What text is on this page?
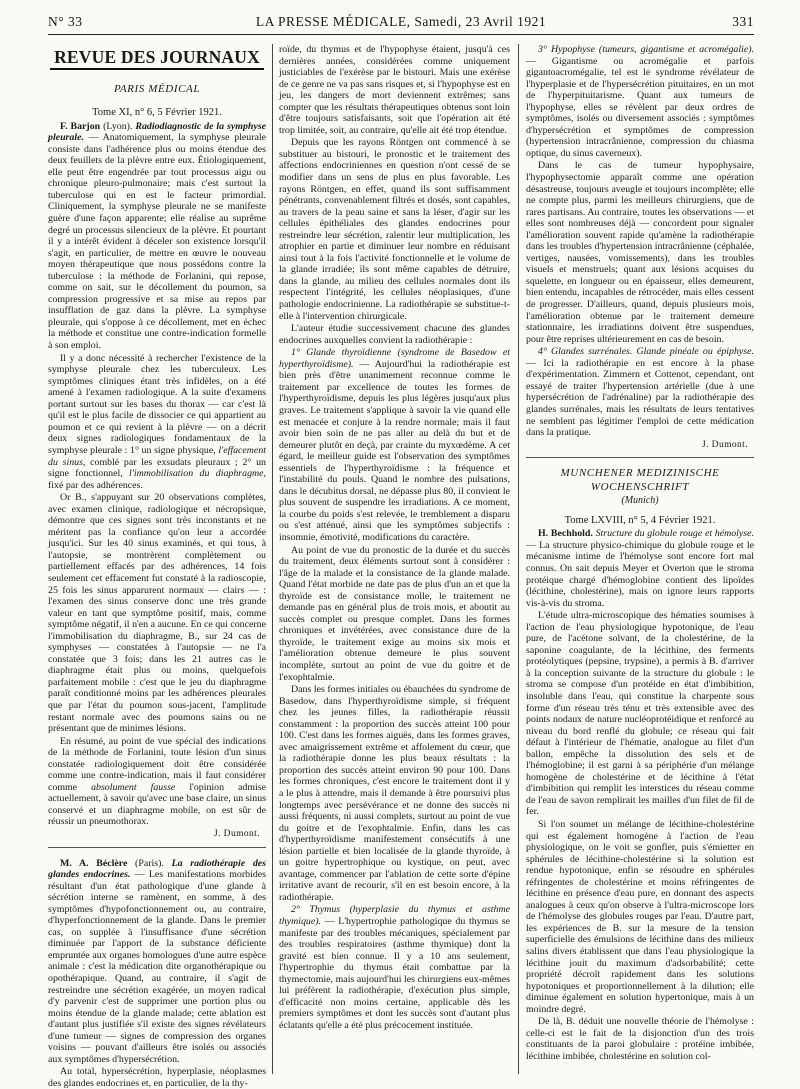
N° 33	LA PRESSE MÉDICALE, Samedi, 23 Avril 1921	331
REVUE DES JOURNAUX
PARIS MÉDICAL
Tome XI, n° 6, 5 Février 1921.

F. Barjon (Lyon). Radiodiagnostic de la symphyse pleurale. — Anatomiquement, la symphyse pleurale consiste dans l'adhérence plus ou moins étendue des deux feuillets de la plèvre entre eux. Étiologiquement, elle peut être engendrée par tout processus aigu ou chronique pleuro-pulmonaire; mais c'est surtout la tuberculose qui en est le facteur primordial. Cliniquement, la symphyse pleurale ne se manifeste guère d'une façon apparente; elle réalise au suprême degré un processus silencieux de la plèvre. Et pourtant il y a intérêt évident à déceler son existence lorsqu'il s'agit, en particulier, de mettre en œuvre le nouveau moyen thérapeutique que nous possédons contre la tuberculose : la méthode de Forlanini, qui repose, comme on sait, sur le décollement du poumon, sa compression progressive et sa mise au repos par insufflation de gaz dans la plèvre. La symphyse pleurale, qui s'oppose à ce décollement, met en échec la méthode et constitue une contre-indication formelle à son emploi.

Il y a donc nécessité à rechercher l'existence de la symphyse pleurale chez les tuberculeux. Les symptômes cliniques étant très infidèles, on a été amené à l'examen radiologique. A la suite d'examens portant surtout sur les bases du thorax — car c'est là qu'il est le plus facile de dissocier ce qui appartient au poumon et ce qui revient à la plèvre — on a décrit deux signes radiologiques fondamentaux de la symphyse pleurale : 1° un signe physique, l'effacement du sinus, comblé par les exsudats pleuraux ; 2° un signe fonctionnel, l'immobilisation du diaphragme, fixé par des adhérences.

Or B., s'appuyant sur 20 observations complètes, avec examen clinique, radiologique et nécropsique, démontre que ces signes sont très inconstants et ne méritent pas la confiance qu'on leur a accordée jusqu'ici. Sur les 40 sinus examinés, et qui tous, à l'autopsie, se montrèrent complètement ou partiellement effacés par des adhérences, 14 fois seulement cet effacement fut constaté à la radioscopie, 25 fois les sinus apparurent normaux — clairs — : l'examen des sinus conserve donc une très grande valeur en tant que symptôme positif, mais, comme symptôme négatif, il n'en a aucune. En ce qui concerne l'immobilisation du diaphragme, B., sur 24 cas de symphyses — constatées à l'autopsie — ne l'a constatée que 3 fois; dans les 21 autres cas le diaphragme était plus ou moins, quelquefois parfaitement mobile : c'est que le jeu du diaphragme paraît conditionné moins par les adhérences pleurales que par l'état du poumon sous-jacent, l'amplitude restant normale avec des poumons sains ou ne présentant que de minimes lésions.

En résumé, au point de vue spécial des indications de la méthode de Forlanini, toute lésion d'un sinus constatée radiologiquement doit être considérée comme une contre-indication, mais il faut considérer comme absolument fausse l'opinion admise actuellement, à savoir qu'avec une base claire, un sinus conservé et un diaphragme mobile, on est sûr de réussir un pneumothorax.

J. Dumont.

M. A. Béclère (Paris). La radiothérapie des glandes endocrines. — Les manifestations morbides résultant d'un état pathologique d'une glande à sécrétion interne se ramènent, en somme, à des symptômes d'hypofonctionnement ou, au contraire, d'hyperfonctionnement de la glande. Dans le premier cas, on supplée à l'insuffisance d'une sécrétion diminuée par l'apport de la substance déficiente empruntée aux organes homologues d'une autre espèce animale : c'est la médication dite organothérapique ou opothérapique. Quand, au contraire, il s'agit de restreindre une sécrétion exagérée, un moyen radical d'y parvenir c'est de supprimer une portion plus ou moins étendue de la glande malade; cette ablation est d'autant plus justifiée s'il existe des signes révélateurs d'une tumeur — signes de compression des organes voisins — pouvant d'ailleurs être isolés ou associés aux symptômes d'hypersécrétion.

Au total, hypersécrétion, hyperplasie, néoplasmes des glandes endocrines et, en particulier, de la thy-

roïde, du thymus et de l'hypophyse étaient, jusqu'à ces dernières années, considérées comme uniquement justiciables de l'exérèse par le bistouri. Mais une exérèse de ce genre ne va pas sans risques et, si l'hypophyse est en jeu, les dangers de mort deviennent extrêmes; sans compter que les résultats thérapeutiques obtenus sont loin d'être toujours satisfaisants, soit que l'opération ait été trop limitée, soit, au contraire, qu'elle ait été trop étendue.

Depuis que les rayons Röntgen ont commencé à se substituer au bistouri, le pronostic et le traitement des affections endocriniennes en question n'ont cessé de se modifier dans un sens de plus en plus favorable. Les rayons Röntgen, en effet, quand ils sont suffisamment pénétrants, convenablement filtrés et dosés, sont capables, au travers de la peau saine et sans la léser, d'agir sur les cellules épithéliales des glandes endocrines pour restreindre leur sécrétion, ralentir leur multiplication, les atrophier en partie et diminuer leur nombre en réduisant ainsi tout à la fois l'activité fonctionnelle et le volume de la glande irradiée; ils sont même capables de détruire, dans la glande, au milieu des cellules normales dont ils respectent l'intégrité, les cellules néoplasiques, d'une pathologie endocrinienne. La radiothérapie se substitue-t-elle à l'intervention chirurgicale.

L'auteur étudie successivement chacune des glandes endocrines auxquelles convient la radiothérapie :

1° Glande thyroïdienne (syndrome de Basedow et hyperthyroïdisme). — Aujourd'hui la radiothérapie est bien près d'être unanimement reconnue comme le traitement par excellence de toutes les formes de l'hyperthyroïdisme, depuis les plus légères jusqu'aux plus graves. Le traitement s'applique à savoir la vie quand elle est menacée et conjure à la rendre normale; mais il faut avoir bien soin de ne pas aller au delà du but et de demeurer plutôt en deçà, par crainte du myxœdème. A cet égard, le meilleur guide est l'observation des symptômes essentiels de l'hyperthyroïdisme : la fréquence et l'instabilité du pouls. Quand le nombre des pulsations, dans le décubitus dorsal, ne dépasse plus 80, il convient le plus souvent de suspendre les irradiations. A ce moment, la courbe du poids s'est relevée, le tremblement a disparu ou s'est atténué, ainsi que les symptômes subjectifs : insomnie, émotivité, modifications du caractère.

Au point de vue du pronostic de la durée et du succès du traitement, deux éléments surtout sont à considérer : l'âge de la malade et la consistance de la glande malade. Quand l'état morbide ne date pas de plus d'un an et que la thyroïde est de consistance molle, le traitement ne demande pas en général plus de trois mois, et aboutit au succès complet ou presque complet. Dans les formes chroniques et invétérées, avec consistance dure de la thyroïde, le traitement exige au moins six mois et l'amélioration obtenue demeure le plus souvent incomplète, surtout au point de vue du goitre et de l'exophtalmie.

Dans les formes initiales ou ébauchées du syndrome de Basedow, dans l'hyperthyroïdisme simple, si fréquent chez les jeunes filles, la radiothérapie réussit constamment : la proportion des succès atteint 100 pour 100. C'est dans les formes aiguës, dans les formes graves, avec amaigrissement extrême et affolement du cœur, que la radiothérapie donne les plus beaux résultats : la proportion des succès atteint environ 90 pour 100. Dans les formes chroniques, c'est encore le traitement dont il y a le plus à attendre, mais il demande à être poursuivi plus longtemps avec persévérance et ne donne des succès ni aussi fréquents, ni aussi complets, surtout au point de vue du goitre et de l'exophtalmie. Enfin, dans les cas d'hyperthyroïdisme manifestement consécutifs à une lésion partielle et bien localisée de la glande thyroïde, à un goitre hypertrophique ou kystique, on peut, avec avantage, commencer par l'ablation de cette sorte d'épine irritative avant de recourir, s'il en est besoin encore, à la radiothérapie.

2° Thymus (hyperplasie du thymus et asthme thymique). — L'hypertrophie pathologique du thymus se manifeste par des troubles mécaniques, spécialement par des troubles respiratoires (asthme thymique) dont la gravité est bien connue. Il y a 10 ans seulement, l'hypertrophie du thymus était combattue par la thymectomie, mais aujourd'hui les chirurgiens eux-mêmes lui préfèrent la radiothérapie, d'exécution plus simple, d'efficacité non moins certaine, applicable dès les premiers symptômes et dont les succès sont d'autant plus éclatants qu'elle a été plus précocement instituée.

3° Hypophyse (tumeurs, gigantisme et acromégalie). — Gigantisme ou acromégalie et parfois gigantoacromégalie, tel est le syndrome révélateur de l'hyperplasie et de l'hypersécrétion pituitaires, en un mot de l'hyperpituitarisme. Quant aux tumeurs de l'hypophyse, elles se révèlent par deux ordres de symptômes, isolés ou diversement associés : symptômes d'hypersécrétion et symptômes de compression (hypertension intracrânienne, compression du chiasma optique, du sinus caverneux).

Dans le cas de tumeur hypophysaire, l'hypophysectomie apparaît comme une opération désastreuse, toujours aveugle et toujours incomplète; elle ne compte plus, parmi les meilleurs chirurgiens, que de rares partisans. Au contraire, toutes les observations — et elles sont nombreuses déjà — concordent pour signaler l'amélioration souvent rapide qu'amène la radiothérapie dans les troubles d'hypertension intracrânienne (céphalée, vertiges, nausées, vomissements), dans les troubles visuels et menstruels; quant aux lésions acquises du squelette, en longueur ou en épaisseur, elles demeurent, bien entendu, incapables de rétrocéder, mais elles cessent de progresser. D'ailleurs, quand, depuis plusieurs mois, l'amélioration obtenue par le traitement demeure stationnaire, les irradiations doivent être suspendues, pour être reprises ultérieurement en cas de besoin.

4° Glandes surrénales. Glande pinéale ou épiphyse. — Ici la radiothérapie en est encore à la phase d'expérimentation. Zimmern et Cottenot, cependant, ont essayé de traiter l'hypertension artérielle (due à une hypersécrétion de l'adrénaline) par la radiothérapie des glandes surrénales, mais les résultats de leurs tentatives ne semblent pas légitimer l'emploi de cette médication dans la pratique.

J. Dumont.
MUNCHENER MEDIZINISCHE
WOCHENSCHRIFT
(Munich)
Tome LXVIII, n° 5, 4 Février 1921.

H. Bechhold. Structure du globule rouge et hémolyse. — La structure physico-chimique du globule rouge et le mécanisme intime de l'hémolyse sont encore fort mal connus. On sait depuis Meyer et Overton que le stroma protéique chargé d'hémoglobine contient des lipoïdes (lécithine, cholestérine), mais on ignore leurs rapports vis-à-vis du stroma.

L'étude ultra-microscopique des hématies soumises à l'action de l'eau physiologique hypotonique, de l'eau pure, de l'acétone solvant, de la cholestérine, de la saponine coagulante, de la lécithine, des ferments protéolytiques (pepsine, trypsine), a permis à B. d'arriver à la conception suivante de la structure du globule : le stroma se compose d'un protéide en état d'imbibition, insoluble dans l'eau, qui constitue la charpente sous forme d'un réseau très ténu et très extensible avec des points nodaux de nature nucléoprotéidique et renforcé au niveau du bord renflé du globule; ce réseau qui fait défaut à l'intérieur de l'hématie, analogue au filet d'un ballon, empêche la dissolution des sels et de l'hémoglobine; il est garni à sa périphérie d'un mélange homogène de cholestérine et de lécithine à l'état d'imbibition qui remplit les interstices du réseau comme de l'eau de savon remplirait les mailles d'un filet de fil de fer.

Si l'on soumet un mélange de lécithine-cholestérine qui est également homogène à l'action de l'eau physiologique, on le voit se gonfler, puis s'émietter en sphérules de lécithine-cholestérine si la solution est rendue hypotonique, enfin se résoudre en sphérules réfringentes de cholestérine et moins réfringentes de lécithine en présence d'eau pure, en donnant des aspects analogues à ceux qu'on observe à l'ultra-microscope lors de l'hémolyse des globules rouges par l'eau. D'autre part, les expériences de B. sur la mesure de la tension superficielle des émulsions de lécithine dans des milieux salins divers établissent que dans l'eau physiologique la lécithine jouit du maximum d'adsorbabilité; cette propriété décroît rapidement dans les solutions hypotoniques et proportionnellement à la dilution; elle diminue également en solution hypertonique, mais à un moindre degré.

De là, B. déduit une nouvelle théorie de l'hémolyse : celle-ci est le fait de la disjonction d'un des trois constituants de la paroi globulaire : protéine imbibée, lécithine imbibée, cholestérine en solution col-
